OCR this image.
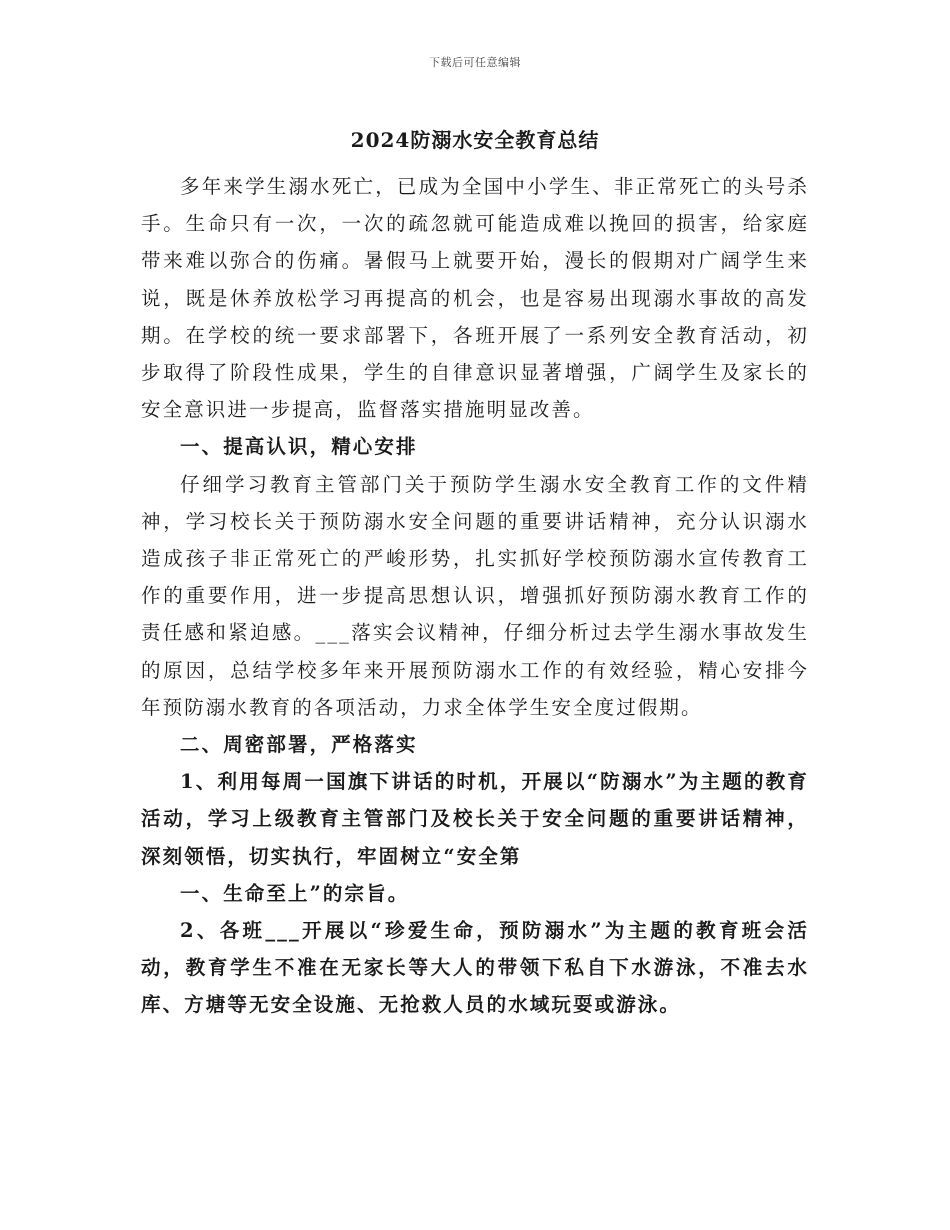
下载后可任意编辑
2024防溺水安全教育总结

多年来学生溺水死亡，已成为全国中小学生、非正常死亡的头号杀手。生命只有一次，一次的疏忽就可能造成难以挽回的损害，给家庭带来难以弥合的伤痛。暑假马上就要开始，漫长的假期对广阔学生来说，既是休养放松学习再提高的机会，也是容易出现溺水事故的高发期。在学校的统一要求部署下，各班开展了一系列安全教育活动，初步取得了阶段性成果，学生的自律意识显著增强，广阔学生及家长的安全意识进一步提高，监督落实措施明显改善。

一、提高认识，精心安排

仔细学习教育主管部门关于预防学生溺水安全教育工作的文件精神，学习校长关于预防溺水安全问题的重要讲话精神，充分认识溺水造成孩子非正常死亡的严峻形势，扎实抓好学校预防溺水宣传教育工作的重要作用，进一步提高思想认识，增强抓好预防溺水教育工作的责任感和紧迫感。___落实会议精神，仔细分析过去学生溺水事故发生的原因，总结学校多年来开展预防溺水工作的有效经验，精心安排今年预防溺水教育的各项活动，力求全体学生安全度过假期。

二、周密部署，严格落实

1、利用每周一国旗下讲话的时机，开展以“防溺水”为主题的教育活动，学习上级教育主管部门及校长关于安全问题的重要讲话精神，深刻领悟，切实执行，牢固树立“安全第

一、生命至上”的宗旨。

2、各班___开展以“珍爱生命，预防溺水”为主题的教育班会活动，教育学生不准在无家长等大人的带领下私自下水游泳，不准去水库、方塘等无安全设施、无抢救人员的水域玩耍或游泳。
